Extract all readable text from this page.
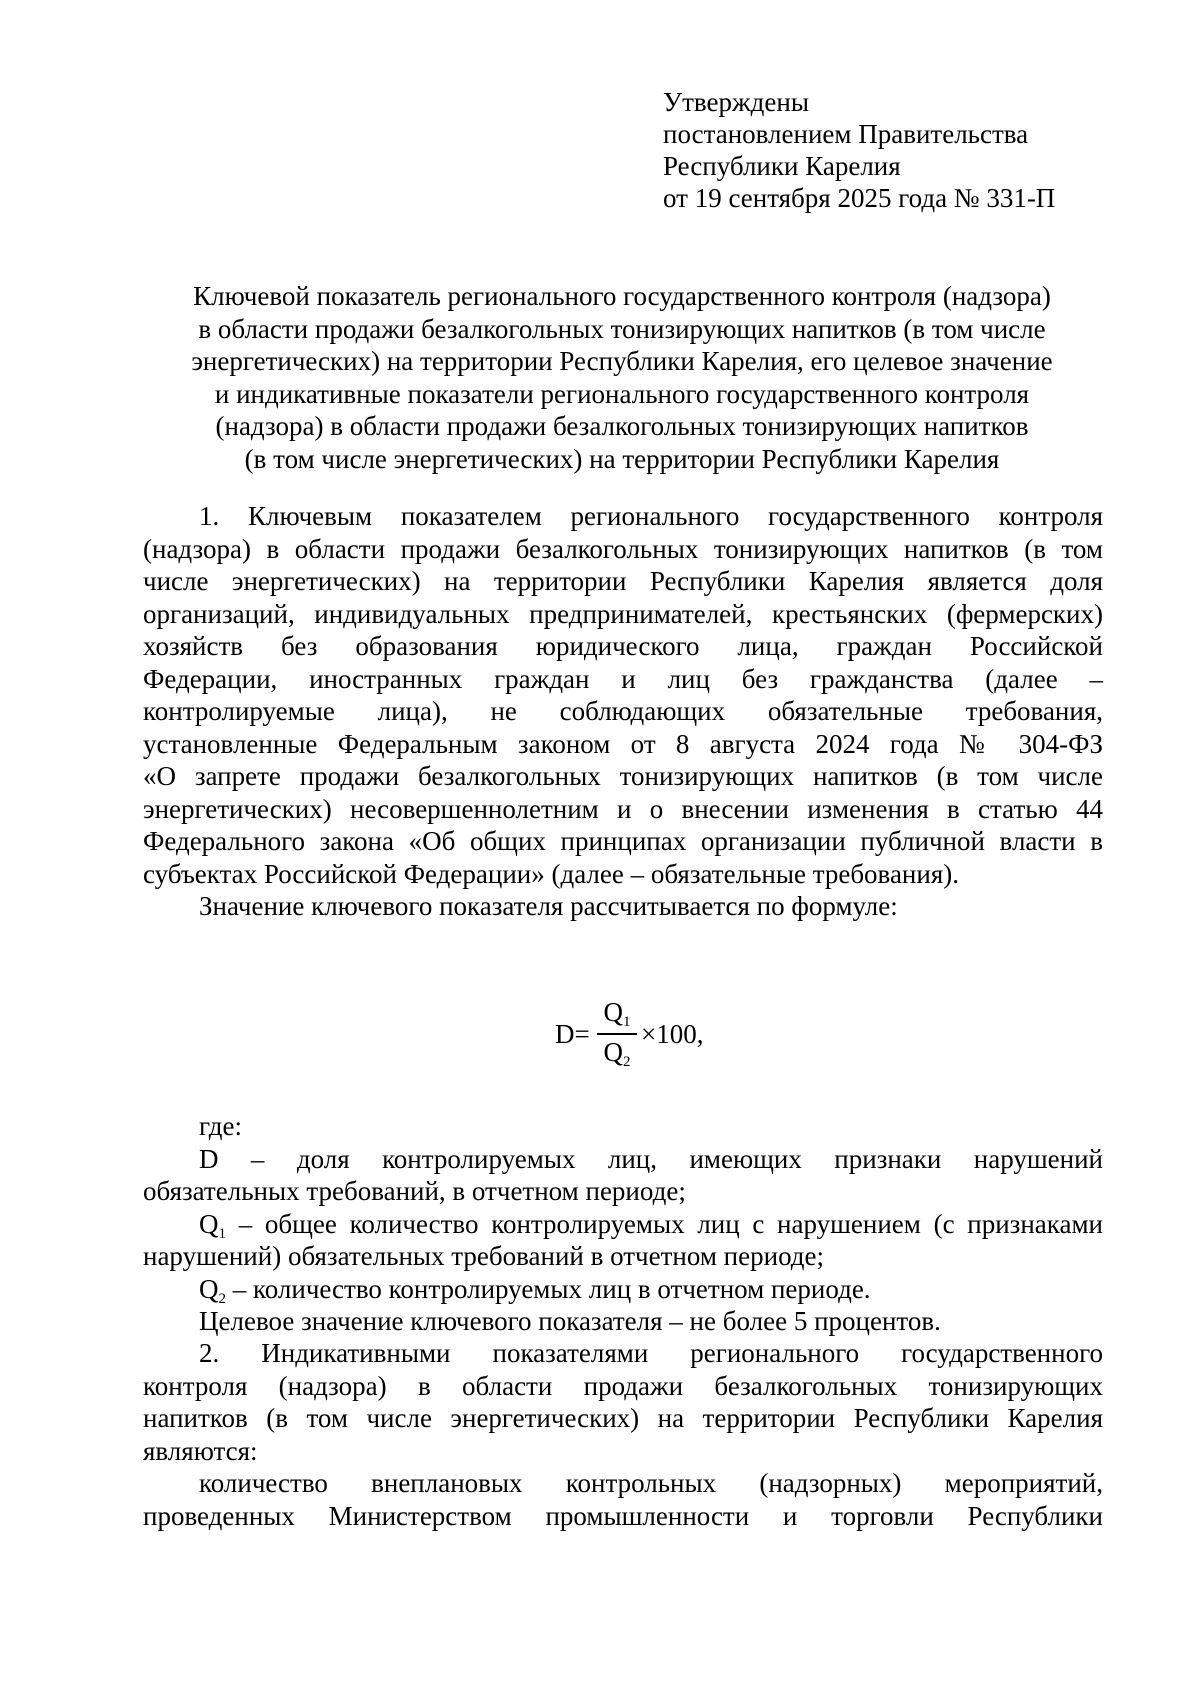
Утверждены
постановлением Правительства
Республики Карелия
от 19 сентября 2025 года № 331-П
Ключевой показатель регионального государственного контроля (надзора)
в области продажи безалкогольных тонизирующих напитков (в том числе
энергетических) на территории Республики Карелия, его целевое значение
и индикативные показатели регионального государственного контроля
(надзора) в области продажи безалкогольных тонизирующих напитков
(в том числе энергетических) на территории Республики Карелия
1. Ключевым показателем регионального государственного контроля
(надзора) в области продажи безалкогольных тонизирующих напитков (в том
числе энергетических) на территории Республики Карелия является доля
организаций, индивидуальных предпринимателей, крестьянских (фермерских)
хозяйств без образования юридического лица, граждан Российской
Федерации, иностранных граждан и лиц без гражданства (далее –
контролируемые лица), не соблюдающих обязательные требования,
установленные Федеральным законом от 8 августа 2024 года № 304-ФЗ
«О запрете продажи безалкогольных тонизирующих напитков (в том числе
энергетических) несовершеннолетним и о внесении изменения в статью 44
Федерального закона «Об общих принципах организации публичной власти в
субъектах Российской Федерации» (далее – обязательные требования).
Значение ключевого показателя рассчитывается по формуле:
D=
$Q_1$
$Q_2$
×100,
где:
D – доля контролируемых лиц, имеющих признаки нарушений
обязательных требований, в отчетном периоде;
$Q_1$ – общее количество контролируемых лиц с нарушением (с признаками
нарушений) обязательных требований в отчетном периоде;
$Q_2$ – количество контролируемых лиц в отчетном периоде.
Целевое значение ключевого показателя – не более 5 процентов.
2. Индикативными показателями регионального государственного
контроля (надзора) в области продажи безалкогольных тонизирующих
напитков (в том числе энергетических) на территории Республики Карелия
являются:
количество внеплановых контрольных (надзорных) мероприятий,
проведенных Министерством промышленности и торговли Республики
